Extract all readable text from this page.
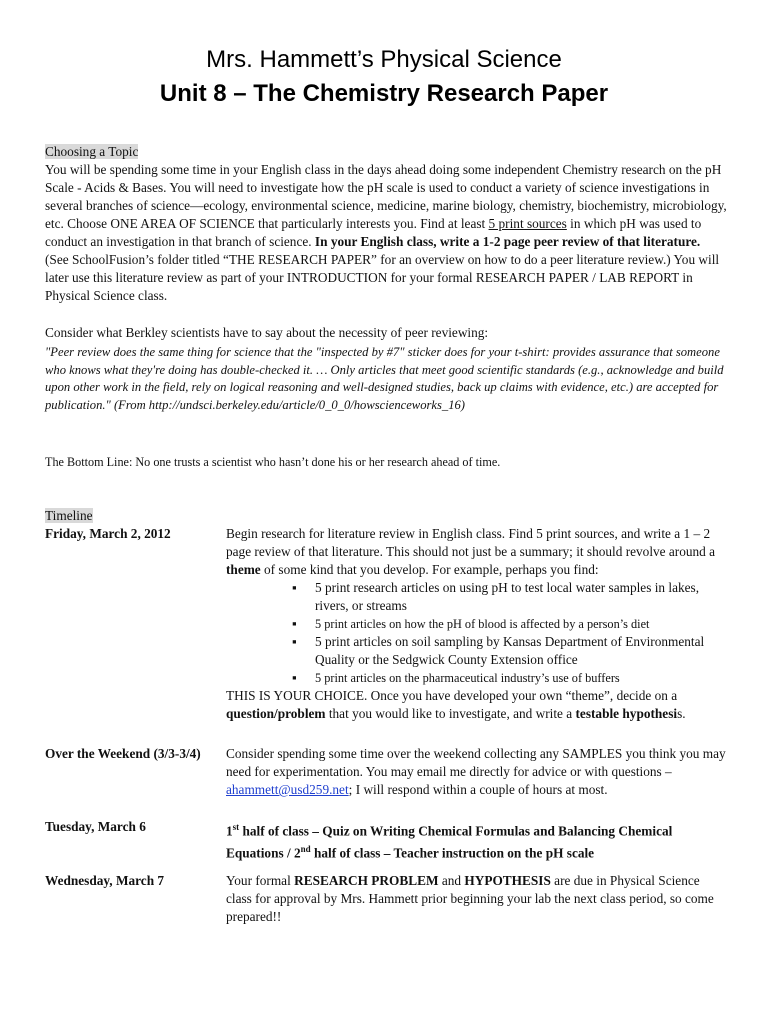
Mrs. Hammett’s Physical Science
Unit 8 – The Chemistry Research Paper
Choosing a Topic
You will be spending some time in your English class in the days ahead doing some independent Chemistry research on the pH Scale - Acids & Bases. You will need to investigate how the pH scale is used to conduct a variety of science investigations in several branches of science—ecology, environmental science, medicine, marine biology, chemistry, biochemistry, microbiology, etc. Choose ONE AREA OF SCIENCE that particularly interests you. Find at least 5 print sources in which pH was used to conduct an investigation in that branch of science. In your English class, write a 1-2 page peer review of that literature. (See SchoolFusion’s folder titled “THE RESEARCH PAPER” for an overview on how to do a peer literature review.) You will later use this literature review as part of your INTRODUCTION for your formal RESEARCH PAPER / LAB REPORT in Physical Science class.
Consider what Berkley scientists have to say about the necessity of peer reviewing:
"Peer review does the same thing for science that the "inspected by #7" sticker does for your t-shirt: provides assurance that someone who knows what they're doing has double-checked it. … Only articles that meet good scientific standards (e.g., acknowledge and build upon other work in the field, rely on logical reasoning and well-designed studies, back up claims with evidence, etc.) are accepted for publication." (From http://undsci.berkeley.edu/article/0_0_0/howscienceworks_16)
The Bottom Line: No one trusts a scientist who hasn’t done his or her research ahead of time.
Timeline
Friday, March 2, 2012	Begin research for literature review in English class. Find 5 print sources, and write a 1 – 2 page review of that literature. This should not just be a summary; it should revolve around a theme of some kind that you develop. For example, perhaps you find:
▪ 5 print research articles on using pH to test local water samples in lakes, rivers, or streams
▪ 5 print articles on how the pH of blood is affected by a person’s diet
▪ 5 print articles on soil sampling by Kansas Department of Environmental Quality or the Sedgwick County Extension office
▪ 5 print articles on the pharmaceutical industry’s use of buffers
THIS IS YOUR CHOICE. Once you have developed your own “theme”, decide on a question/problem that you would like to investigate, and write a testable hypothesis.
Over the Weekend (3/3-3/4)	Consider spending some time over the weekend collecting any SAMPLES you think you may need for experimentation. You may email me directly for advice or with questions – ahammett@usd259.net; I will respond within a couple of hours at most.
Tuesday, March 6	1st half of class – Quiz on Writing Chemical Formulas and Balancing Chemical Equations / 2nd half of class – Teacher instruction on the pH scale
Wednesday, March 7	Your formal RESEARCH PROBLEM and HYPOTHESIS are due in Physical Science class for approval by Mrs. Hammett prior beginning your lab the next class period, so come prepared!!
